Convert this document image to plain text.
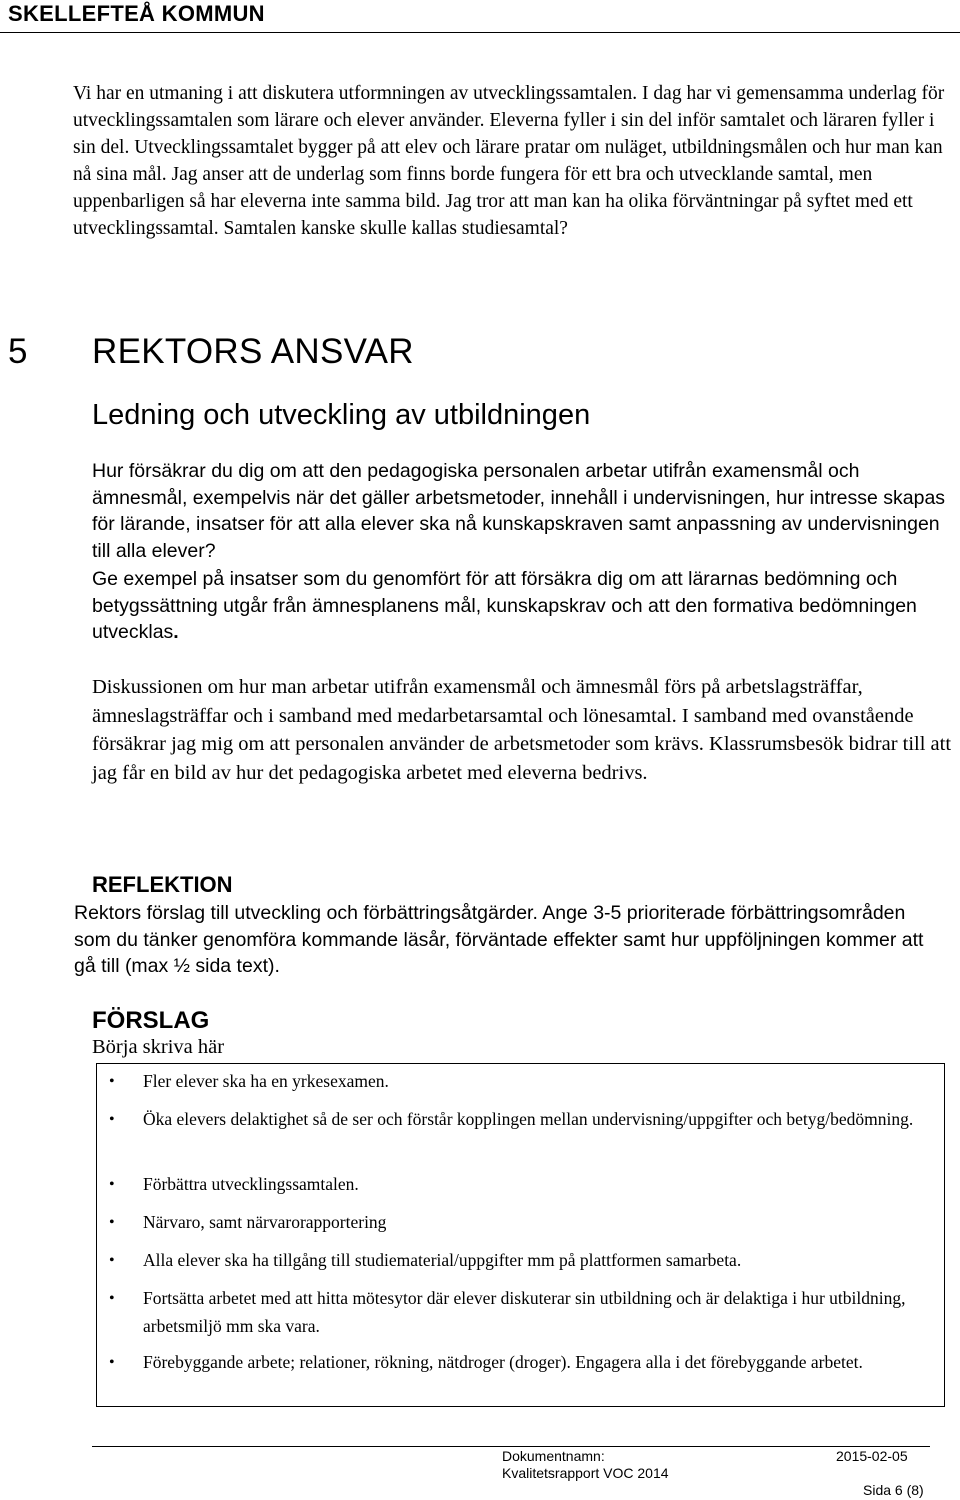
SKELLEFTEÅ KOMMUN
Vi har en utmaning i att diskutera utformningen av utvecklingssamtalen. I dag har vi gemensamma underlag för utvecklingssamtalen som lärare och elever använder. Eleverna fyller i sin del inför samtalet och läraren fyller i sin del. Utvecklingssamtalet bygger på att elev och lärare pratar om nuläget, utbildningsmålen och hur man kan nå sina mål. Jag anser att de underlag som finns borde fungera för ett bra och utvecklande samtal, men uppenbarligen så har eleverna inte samma bild. Jag tror att man kan ha olika förväntningar på syftet med ett utvecklingssamtal. Samtalen kanske skulle kallas studiesamtal?
5 REKTORS ANSVAR
Ledning och utveckling av utbildningen
Hur försäkrar du dig om att den pedagogiska personalen arbetar utifrån examensmål och ämnesmål, exempelvis när det gäller arbetsmetoder, innehåll i undervisningen, hur intresse skapas för lärande, insatser för att alla elever ska nå kunskapskraven samt anpassning av undervisningen till alla elever?
Ge exempel på insatser som du genomfört för att försäkra dig om att lärarnas bedömning och betygssättning utgår från ämnesplanens mål, kunskapskrav och att den formativa bedömningen utvecklas.
Diskussionen om hur man arbetar utifrån examensmål och ämnesmål förs på arbetslagsträffar, ämneslagsträffar och i samband med medarbetarsamtal och lönesamtal. I samband med ovanstående försäkrar jag mig om att personalen använder de arbetsmetoder som krävs. Klassrumsbesök bidrar till att jag får en bild av hur det pedagogiska arbetet med eleverna bedrivs.
REFLEKTION
Rektors förslag till utveckling och förbättringsåtgärder. Ange 3-5 prioriterade förbättringsområden som du tänker genomföra kommande läsår, förväntade effekter samt hur uppföljningen kommer att gå till (max ½ sida text).
FÖRSLAG
Börja skriva här
• Fler elever ska ha en yrkesexamen.
• Öka elevers delaktighet så de ser och förstår kopplingen mellan undervisning/uppgifter och betyg/bedömning.
• Förbättra utvecklingssamtalen.
• Närvaro, samt närvarorapportering
• Alla elever ska ha tillgång till studiematerial/uppgifter mm på plattformen samarbeta.
• Fortsätta arbetet med att hitta mötesytor där elever diskuterar sin utbildning och är delaktiga i hur utbildning, arbetsmiljö mm ska vara.
• Förebyggande arbete; relationer, rökning, nätdroger (droger). Engagera alla i det förebyggande arbetet.
Dokumentnamn:
Kvalitetsrapport VOC 2014
2015-02-05
Sida 6 (8)
